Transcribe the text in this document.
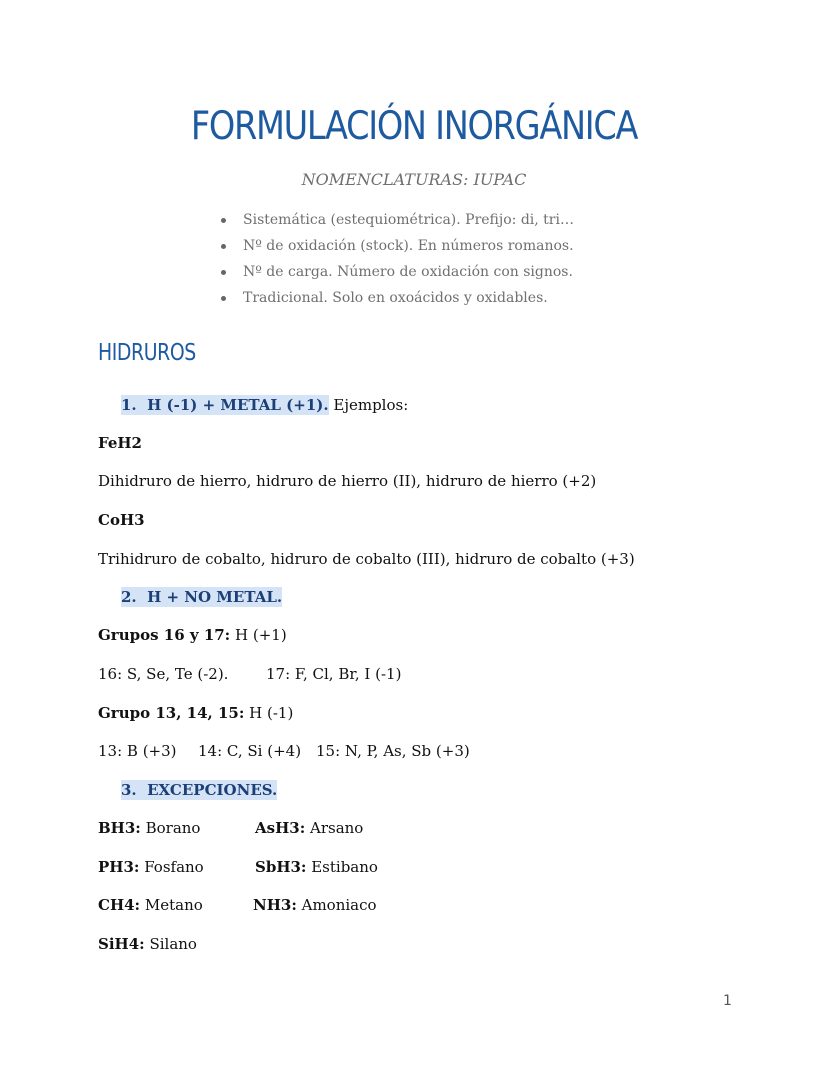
FORMULACIÓN INORGÁNICA
NOMENCLATURAS: IUPAC
Sistemática (estequiométrica). Prefijo: di, tri…
Nº de oxidación (stock). En números romanos.
Nº de carga. Número de oxidación con signos.
Tradicional. Solo en oxoácidos y oxidables.
HIDRUROS
1. H (-1) + METAL (+1). Ejemplos:
FeH2
Dihidruro de hierro, hidruro de hierro (II), hidruro de hierro (+2)
CoH3
Trihidruro de cobalto, hidruro de cobalto (III), hidruro de cobalto (+3)
2. H + NO METAL.
Grupos 16 y 17: H (+1)
16: S, Se, Te (-2).	17: F, Cl, Br, I (-1)
Grupo 13, 14, 15: H (-1)
13: B (+3) 14: C, Si (+4) 15: N, P, As, Sb (+3)
3. EXCEPCIONES.
BH3: Borano	AsH3: Arsano
PH3: Fosfano	SbH3: Estibano
CH4: Metano	NH3: Amoniaco
SiH4: Silano
1
